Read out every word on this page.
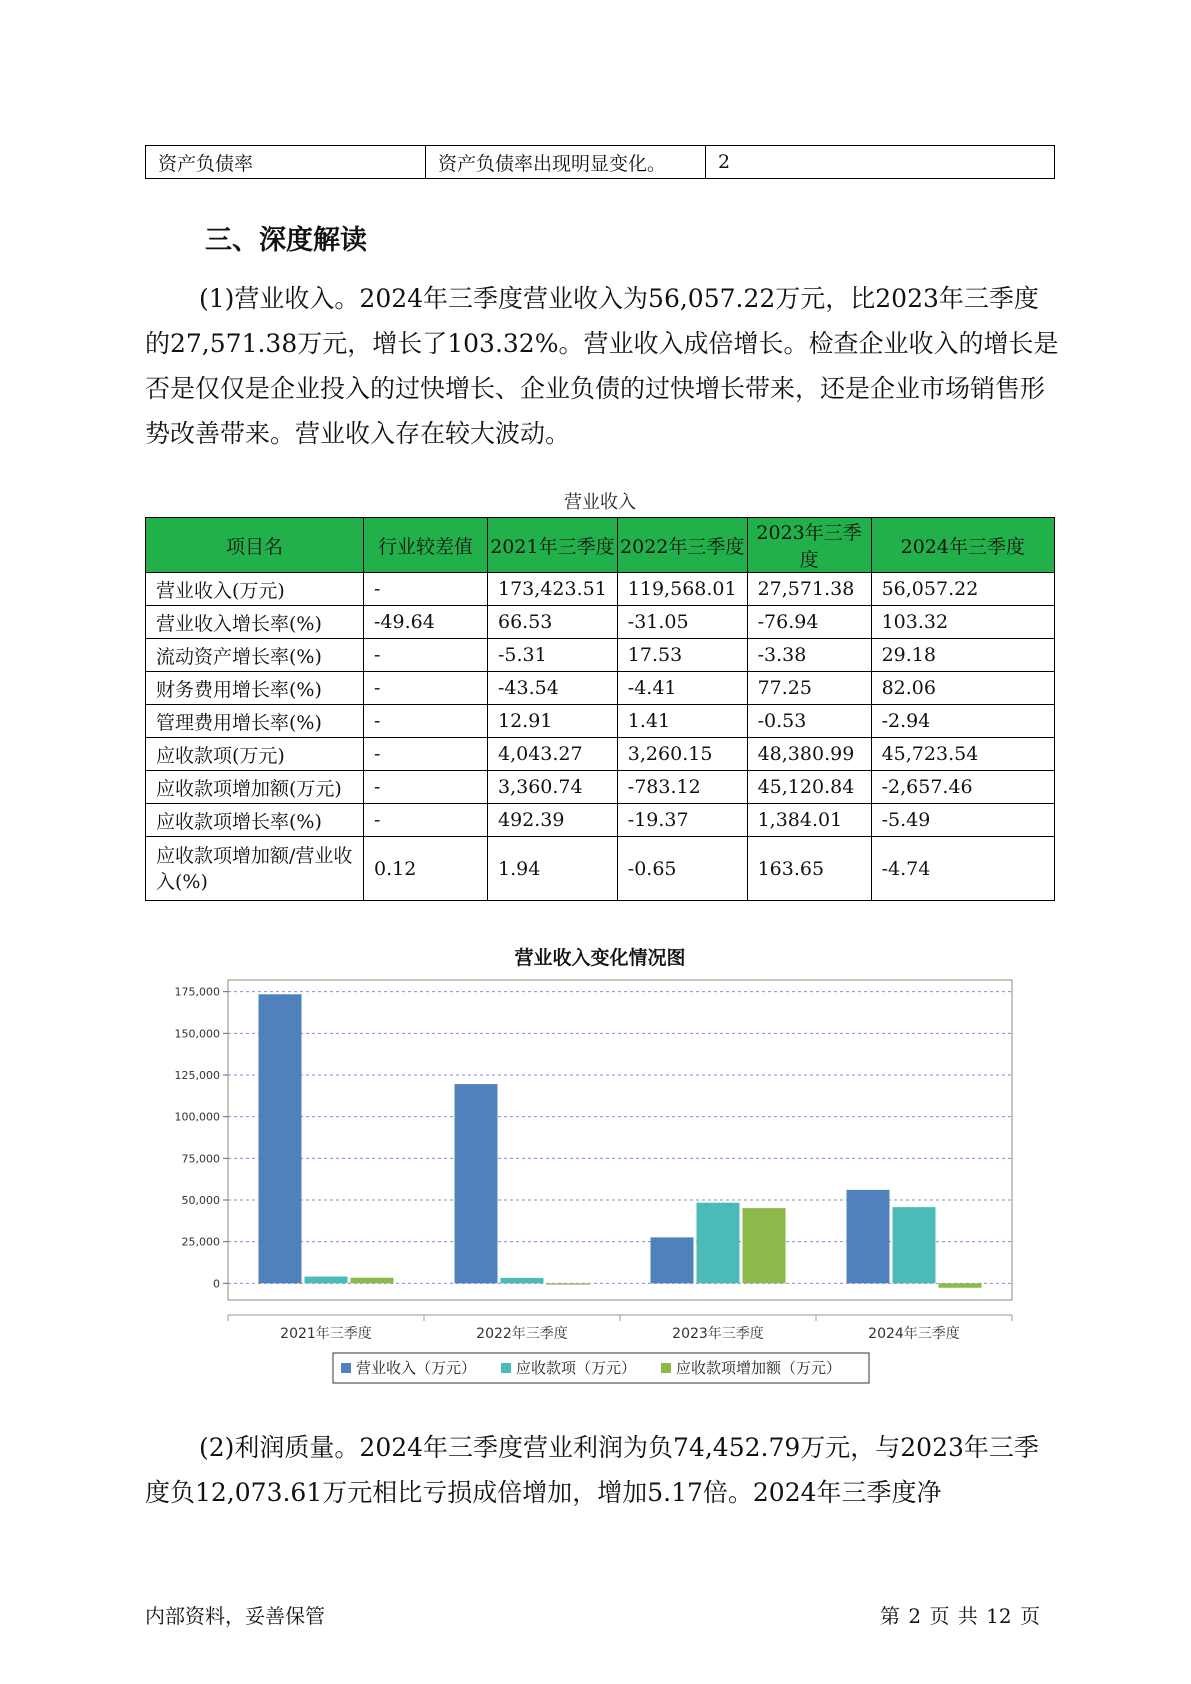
资产负债率	资产负债率出现明显变化。	2
三、深度解读

(1)营业收入。2024年三季度营业收入为56,057.22万元，比2023年三季度的27,571.38万元，增长了103.32%。营业收入成倍增长。检查企业收入的增长是否是仅仅是企业投入的过快增长、企业负债的过快增长带来，还是企业市场销售形势改善带来。营业收入存在较大波动。

营业收入
项目名	行业较差值	2021年三季度	2022年三季度	2023年三季度	2024年三季度
营业收入(万元)	-	173,423.51	119,568.01	27,571.38	56,057.22
营业收入增长率(%)	-49.64	66.53	-31.05	-76.94	103.32
流动资产增长率(%)	-	-5.31	17.53	-3.38	29.18
财务费用增长率(%)	-	-43.54	-4.41	77.25	82.06
管理费用增长率(%)	-	12.91	1.41	-0.53	-2.94
应收款项(万元)	-	4,043.27	3,260.15	48,380.99	45,723.54
应收款项增加额(万元)	-	3,360.74	-783.12	45,120.84	-2,657.46
应收款项增长率(%)	-	492.39	-19.37	1,384.01	-5.49
应收款项增加额/营业收入(%)	0.12	1.94	-0.65	163.65	-4.74
营业收入变化情况图
0
25,000
50,000
75,000
100,000
125,000
150,000
175,000
2021年三季度	2022年三季度	2023年三季度	2024年三季度
营业收入（万元）	应收款项（万元）	应收款项增加额（万元）

(2)利润质量。2024年三季度营业利润为负74,452.79万元，与2023年三季度负12,073.61万元相比亏损成倍增加，增加5.17倍。2024年三季度净

内部资料，妥善保管	第 2 页 共 12 页
